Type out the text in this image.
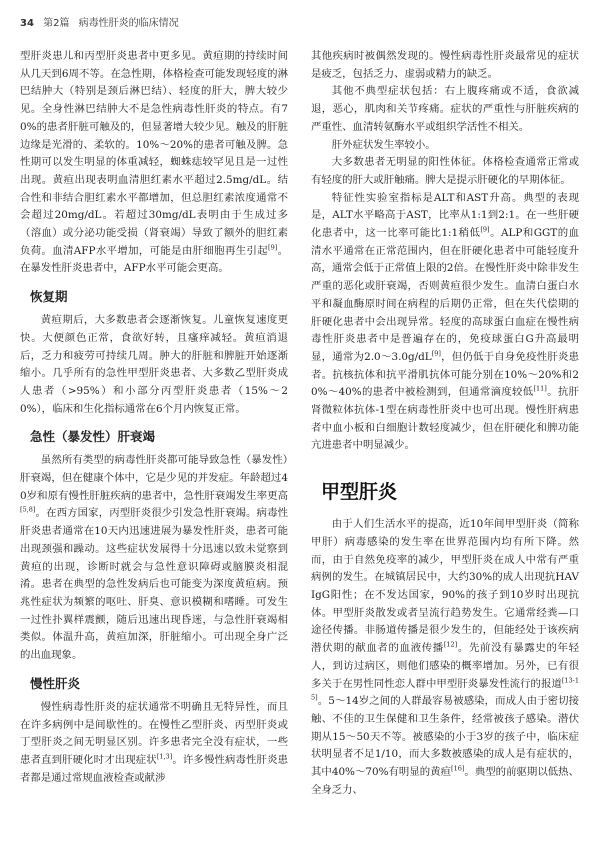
34 第2篇 病毒性肝炎的临床情况

型肝炎患儿和丙型肝炎患者中更多见。黄疸期的持续时间从几天到6周不等。在急性期，体格检查可能发现轻度的淋巴结肿大（特别是颈后淋巴结）、轻度的肝大，脾大较少见。全身性淋巴结肿大不是急性病毒性肝炎的特点。有70%的患者肝脏可触及的，但显著增大较少见。触及的肝脏边缘是光滑的、柔软的。10%～20%的患者可触及脾。急性期可以发生明显的体重减轻，蜘蛛痣较罕见且是一过性出现。黄疸出现表明血清胆红素水平超过2.5mg/dL。结合性和非结合胆红素水平都增加，但总胆红素浓度通常不会超过20mg/dL。若超过30mg/dL表明由于生成过多（溶血）或分泌功能受损（肾衰竭）导致了额外的胆红素负荷。血清AFP水平增加，可能是由肝细胞再生引起[9]。在暴发性肝炎患者中，AFP水平可能会更高。

恢复期

黄疸期后，大多数患者会逐渐恢复。儿童恢复速度更快。大便颜色正常，食欲好转，且瘙痒减轻。黄疸消退后，乏力和疲劳可持续几周。肿大的肝脏和脾脏开始逐渐缩小。几乎所有的急性甲型肝炎患者、大多数乙型肝炎成人患者（>95%）和小部分丙型肝炎患者（15%～20%），临床和生化指标通常在6个月内恢复正常。

急性（暴发性）肝衰竭

虽然所有类型的病毒性肝炎都可能导致急性（暴发性）肝衰竭，但在健康个体中，它是少见的并发症。年龄超过40岁和原有慢性肝脏疾病的患者中，急性肝衰竭发生率更高[5,8]。在西方国家，丙型肝炎很少引发急性肝衰竭。病毒性肝炎患者通常在10天内迅速进展为暴发性肝炎，患者可能出现颈强和躁动。这些症状发展得十分迅速以致未觉察到黄疸的出现，诊断时就会与急性意识障碍或脑膜炎相混淆。患者在典型的急性发病后也可能变为深度黄疸病。预兆性症状为频繁的呕吐、肝臭、意识模糊和嗜睡。可发生一过性扑翼样震颤，随后迅速出现昏迷，与急性肝衰竭相类似。体温升高，黄疸加深，肝脏缩小。可出现全身广泛的出血现象。

慢性肝炎

慢性病毒性肝炎的症状通常不明确且无特异性，而且在许多病例中是间歇性的。在慢性乙型肝炎、丙型肝炎或丁型肝炎之间无明显区别。许多患者完全没有症状，一些患者直到肝硬化时才出现症状[1,3]。许多慢性病毒性肝炎患者都是通过常规血液检查或献涉

其他疾病时被偶然发现的。慢性病毒性肝炎最常见的症状是疲乏，包括乏力、虚弱或精力的缺乏。

其他不典型症状包括：右上腹疼痛或不适，食欲减退，恶心，肌肉和关节疼痛。症状的严重性与肝脏疾病的严重性、血清转氨酶水平或组织学活性不相关。

肝外症状发生率较小。

大多数患者无明显的阳性体征。体格检查通常正常或有轻度的肝大或肝触痛。脾大是提示肝硬化的早期体征。

特征性实验室指标是ALT和AST升高。典型的表现是，ALT水平略高于AST，比率从1:1到2:1。在一些肝硬化患者中，这一比率可能比1:1稍低[9]。ALP和GGT的血清水平通常在正常范围内，但在肝硬化患者中可能轻度升高，通常会低于正常值上限的2倍。在慢性肝炎中除非发生严重的恶化或肝衰竭，否则黄疸很少发生。血清白蛋白水平和凝血酶原时间在病程的后期仍正常，但在失代偿期的肝硬化患者中会出现异常。轻度的高球蛋白血症在慢性病毒性肝炎患者中是普遍存在的，免疫球蛋白G升高最明显，通常为2.0～3.0g/dL[9]，但仍低于自身免疫性肝炎患者。抗核抗体和抗平滑肌抗体可能分别在10%～20%和20%～40%的患者中被检测到，但通常滴度较低[11]。抗肝肾微粒体抗体-1型在病毒性肝炎中也可出现。慢性肝病患者中血小板和白细胞计数轻度减少，但在肝硬化和脾功能亢进患者中明显减少。

甲型肝炎

由于人们生活水平的提高，近10年间甲型肝炎（简称甲肝）病毒感染的发生率在世界范围内均有所下降。然而，由于自然免疫率的减少，甲型肝炎在成人中常有严重病例的发生。在城镇居民中，大约30%的成人出现抗HAV IgG阳性；在不发达国家，90%的孩子到10岁时出现抗体。甲型肝炎散发或者呈流行趋势发生。它通常经粪—口途径传播。非肠道传播是很少发生的，但能经处于该疾病潜伏期的献血者的血液传播[12]。先前没有暴露史的年轻人，到访过病区，则他们感染的概率增加。另外，已有很多关于在男性同性恋人群中甲型肝炎暴发性流行的报道[13-15]。5～14岁之间的人群最容易被感染，而成人由于密切接触、不佳的卫生保健和卫生条件，经常被孩子感染。潜伏期从15～50天不等。被感染的小于3岁的孩子中，临床症状明显者不足1/10，而大多数被感染的成人是有症状的，其中40%～70%有明显的黄疸[16]。典型的前驱期以低热、全身乏力、
